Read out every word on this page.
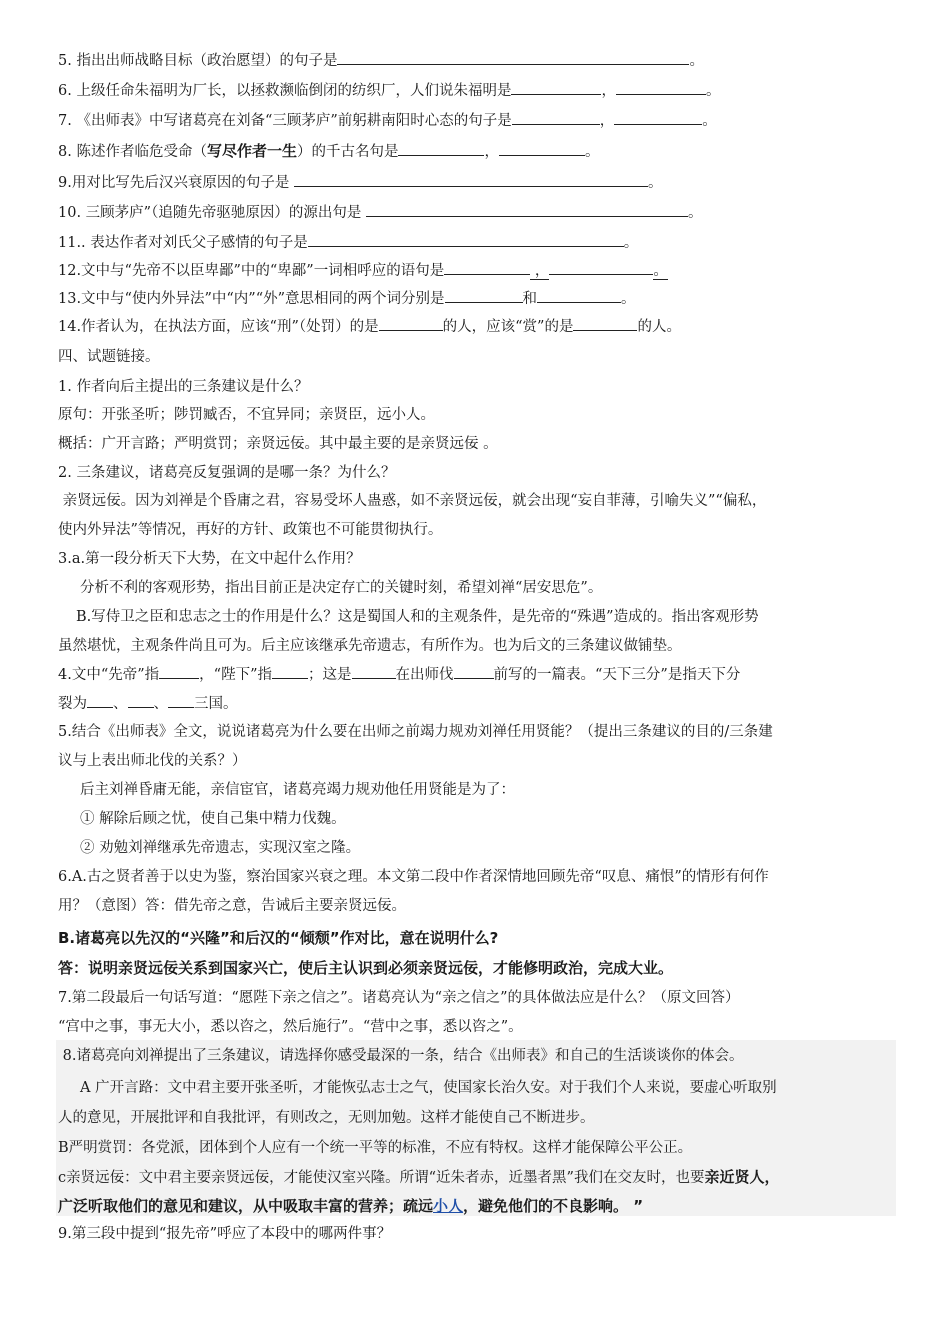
5. 指出出师战略目标（政治愿望）的句子是	。
6. 上级任命朱福明为厂长，以拯救濒临倒闭的纺织厂，人们说朱福明是	，	。
7. 《出师表》中写诸葛亮在刘备“三顾茅庐”前躬耕南阳时心态的句子是	，	。
8. 陈述作者临危受命（写尽作者一生）的千古名句是	，	。
9.用对比写先后汉兴衰原因的句子是	。
10. 三顾茅庐”（追随先帝驱驰原因）的源出句是	。
11.. 表达作者对刘氏父子感情的句子是	。
12.文中与“先帝不以臣卑鄙”中的“卑鄙”一词相呼应的语句是	，	。
13.文中与“使内外异法”中“内”“外”意思相同的两个词分别是	和	。
14.作者认为，在执法方面，应该“刑”（处罚）的是	的人，应该“赏”的是	的人。
四、试题链接。
1. 作者向后主提出的三条建议是什么？
原句：开张圣听；陟罚臧否，不宜异同；亲贤臣，远小人。
概括：广开言路；严明赏罚；亲贤远佞。其中最主要的是亲贤远佞 。
2. 三条建议，诸葛亮反复强调的是哪一条？为什么？
亲贤远佞。因为刘禅是个昏庸之君，容易受坏人蛊惑，如不亲贤远佞，就会出现“妄自菲薄，引喻失义”“偏私，
使内外异法”等情况，再好的方针、政策也不可能贯彻执行。
3.a.第一段分析天下大势，在文中起什么作用？
分析不利的客观形势，指出目前正是决定存亡的关键时刻，希望刘禅“居安思危”。
B.写侍卫之臣和忠志之士的作用是什么？这是蜀国人和的主观条件，是先帝的“殊遇”造成的。指出客观形势
虽然堪忧，主观条件尚且可为。后主应该继承先帝遗志，有所作为。也为后文的三条建议做铺垫。
4.文中“先帝”指	，“陛下”指 ；这是	在出师伐	前写的一篇表。“天下三分”是指天下分
裂为 、 、 三国。
5.结合《出师表》全文，说说诸葛亮为什么要在出师之前竭力规劝刘禅任用贤能？（提出三条建议的目的/三条建
议与上表出师北伐的关系？）
后主刘禅昏庸无能，亲信宦官，诸葛亮竭力规劝他任用贤能是为了：
① 解除后顾之忧，使自己集中精力伐魏。
② 劝勉刘禅继承先帝遗志，实现汉室之隆。
6.A.古之贤者善于以史为鉴，察治国家兴衰之理。本文第二段中作者深情地回顾先帝“叹息、痛恨”的情形有何作
用？（意图）答：借先帝之意，告诫后主要亲贤远佞。
B.诸葛亮以先汉的“兴隆”和后汉的“倾颓”作对比，意在说明什么?
答：说明亲贤远佞关系到国家兴亡，使后主认识到必须亲贤远佞，才能修明政治，完成大业。
7.第二段最后一句话写道：“愿陛下亲之信之”。诸葛亮认为“亲之信之”的具体做法应是什么？（原文回答）
“宫中之事，事无大小，悉以咨之，然后施行”。“营中之事，悉以咨之”。
8.诸葛亮向刘禅提出了三条建议，请选择你感受最深的一条，结合《出师表》和自己的生活谈谈你的体会。
A 广开言路：文中君主要开张圣听，才能恢弘志士之气，使国家长治久安。对于我们个人来说，要虚心听取别
人的意见，开展批评和自我批评，有则改之，无则加勉。这样才能使自己不断进步。
B严明赏罚：各党派，团体到个人应有一个统一平等的标准，不应有特权。这样才能保障公平公正。
c亲贤远佞：文中君主要亲贤远佞，才能使汉室兴隆。所谓“近朱者赤，近墨者黑”我们在交友时，也要亲近贤人，
广泛听取他们的意见和建议，从中吸取丰富的营养；疏远小人，避免他们的不良影响。 ”
9.第三段中提到“报先帝”呼应了本段中的哪两件事？
